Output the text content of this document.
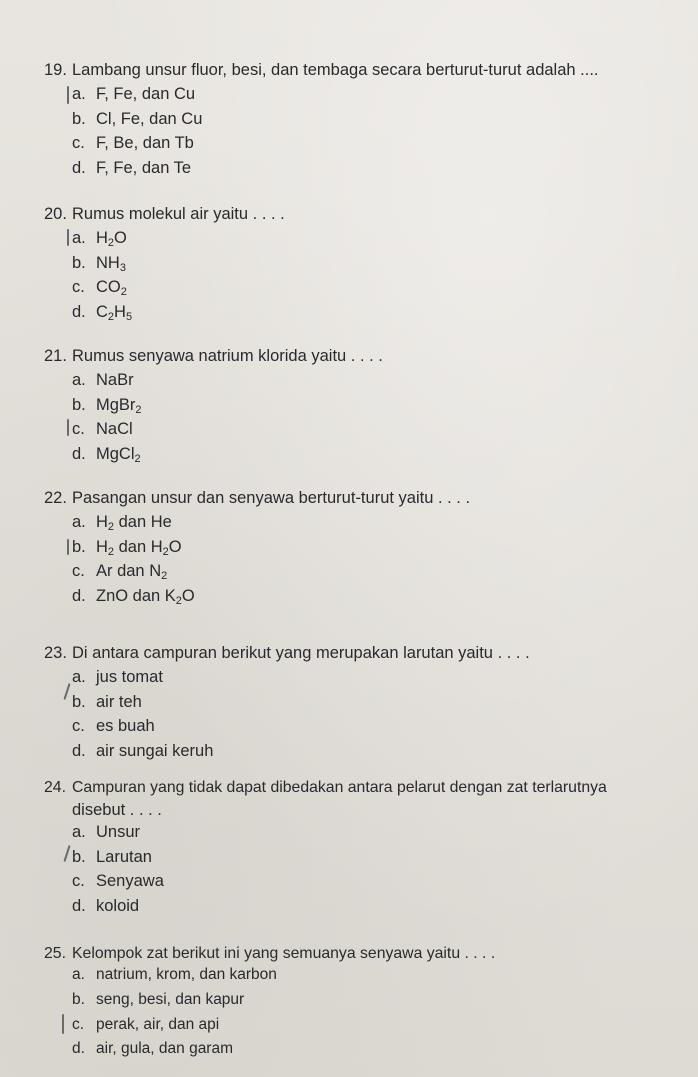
19. Lambang unsur fluor, besi, dan tembaga secara berturut-turut adalah ....
a. F, Fe, dan Cu
b. Cl, Fe, dan Cu
c. F, Be, dan Tb
d. F, Fe, dan Te
20. Rumus molekul air yaitu . . . .
a. $H_2O$
b. $NH_3$
c. $CO_2$
d. $C_2H_5$
21. Rumus senyawa natrium klorida yaitu . . . .
a. NaBr
b. MgBr$_2$
c. NaCl
d. MgCl$_2$
22. Pasangan unsur dan senyawa berturut-turut yaitu . . . .
a. $H_2$ dan He
b. $H_2$ dan $H_2O$
c. Ar dan $N_2$
d. ZnO dan $K_2O$
23. Di antara campuran berikut yang merupakan larutan yaitu . . . .
a. jus tomat
b. air teh
c. es buah
d. air sungai keruh
24. Campuran yang tidak dapat dibedakan antara pelarut dengan zat terlarutnya
disebut . . . .
a. Unsur
b. Larutan
c. Senyawa
d. koloid
25. Kelompok zat berikut ini yang semuanya senyawa yaitu . . . .
a. natrium, krom, dan karbon
b. seng, besi, dan kapur
c. perak, air, dan api
d. air, gula, dan garam
